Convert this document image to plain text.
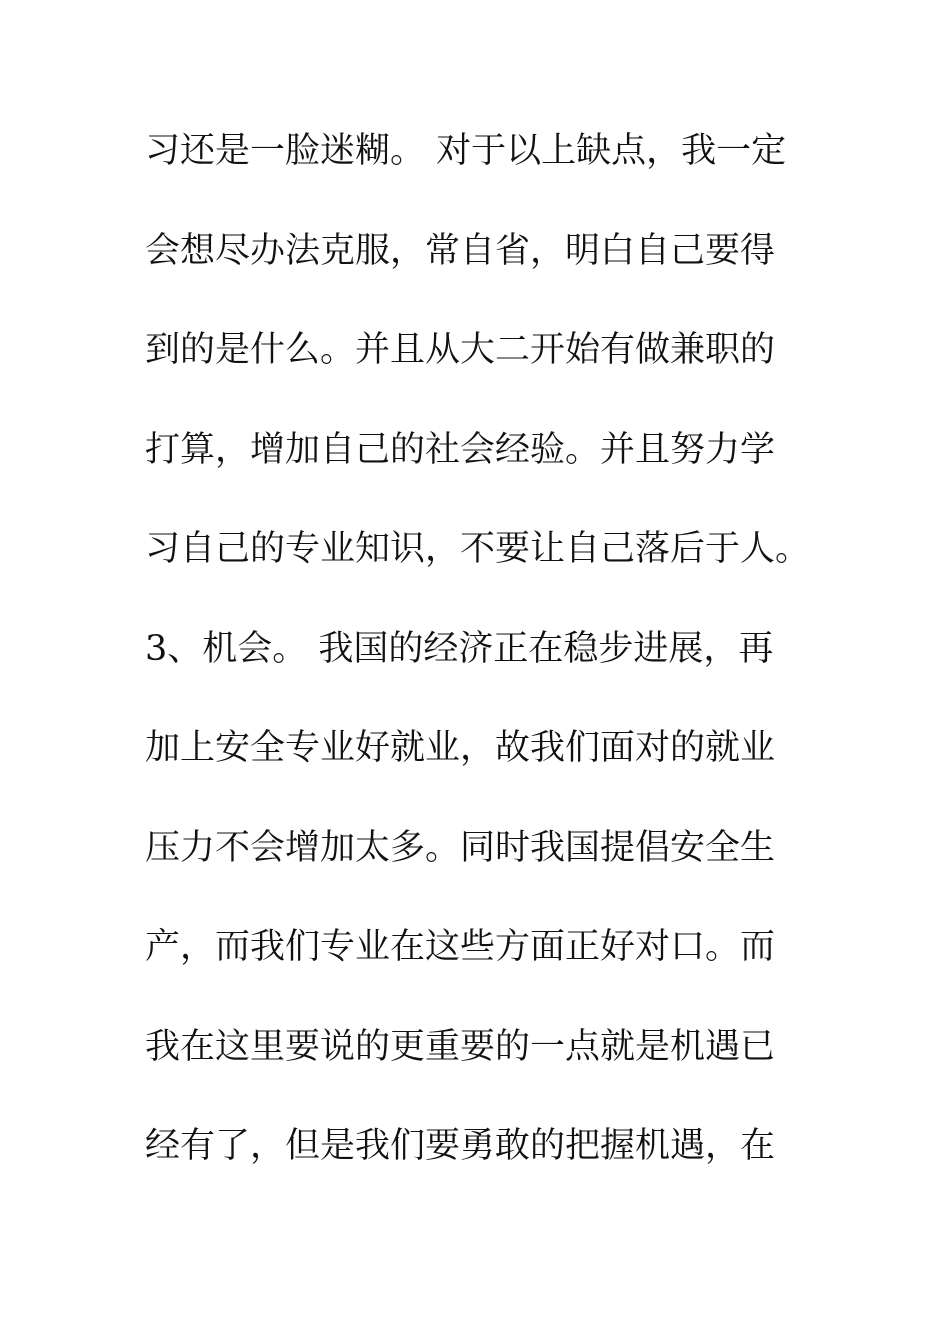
习还是一脸迷糊。 对于以上缺点，我一定
会想尽办法克服，常自省，明白自己要得
到的是什么。并且从大二开始有做兼职的
打算，增加自己的社会经验。并且努力学
习自己的专业知识，不要让自己落后于人。
3、机会。 我国的经济正在稳步进展，再
加上安全专业好就业，故我们面对的就业
压力不会增加太多。同时我国提倡安全生
产，而我们专业在这些方面正好对口。而
我在这里要说的更重要的一点就是机遇已
经有了，但是我们要勇敢的把握机遇，在
